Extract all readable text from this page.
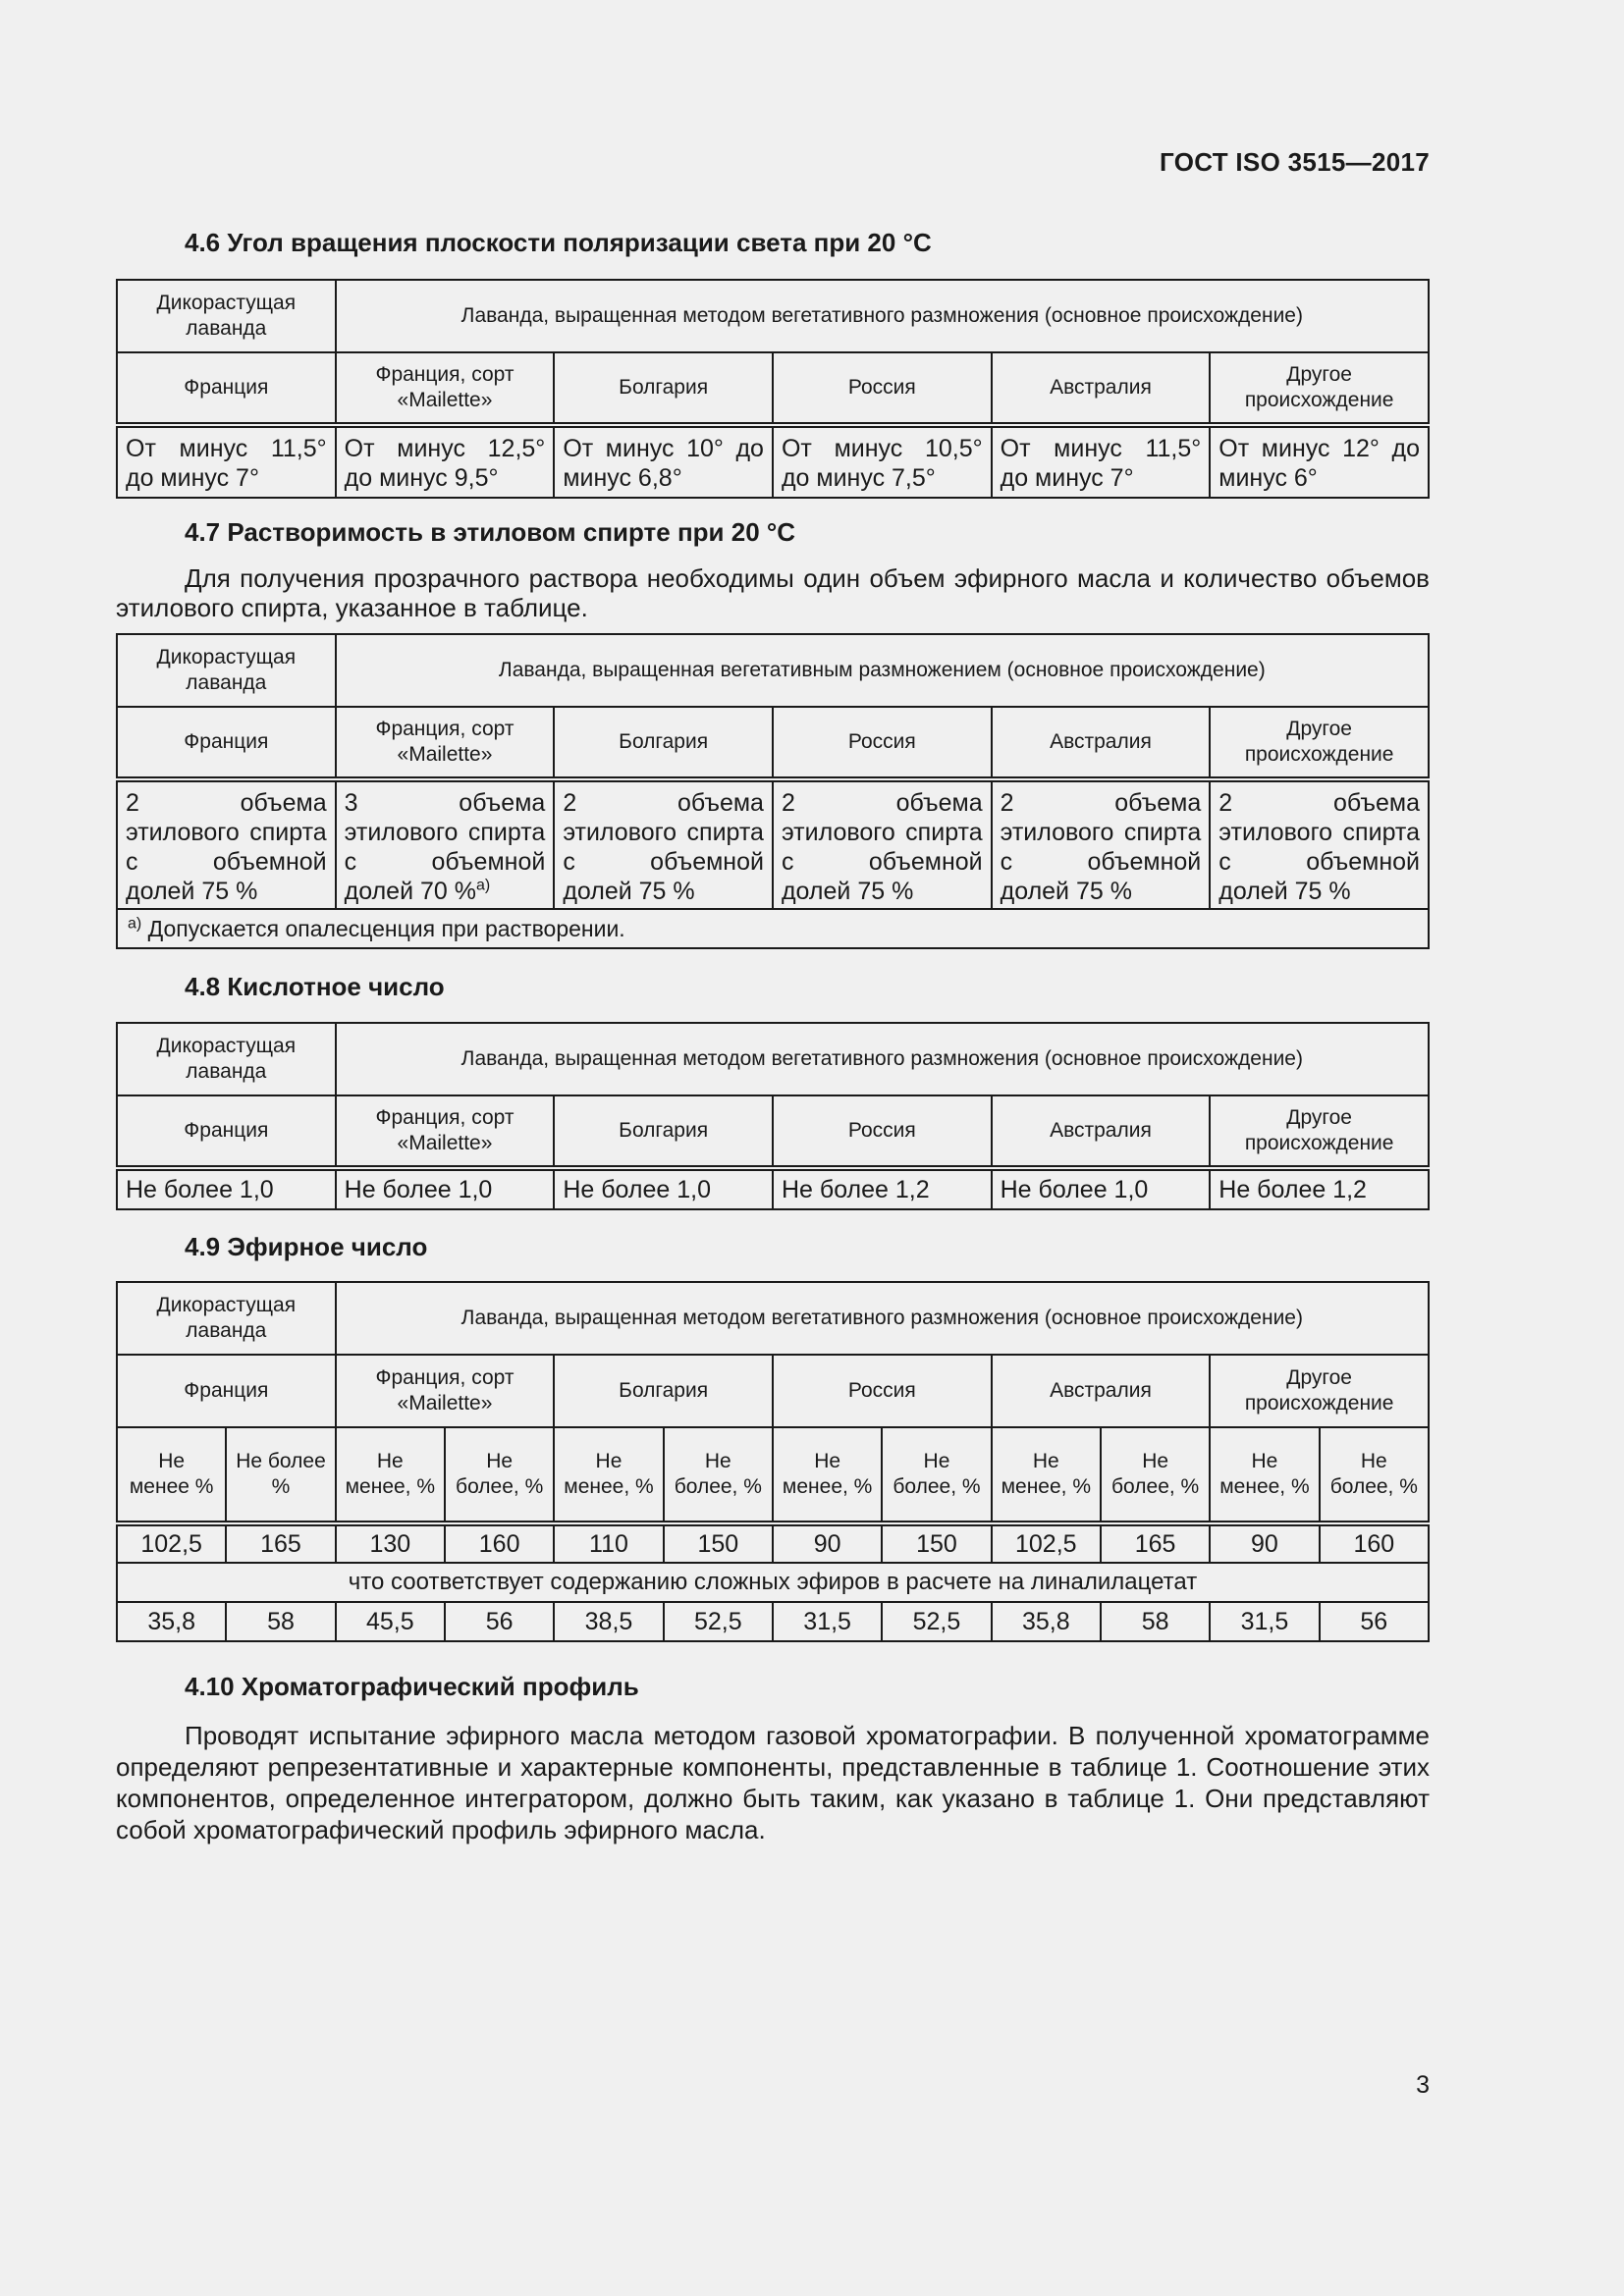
ГОСТ ISO 3515—2017
4.6 Угол вращения плоскости поляризации света при 20 °С
Дикорастущая лаванда	Лаванда, выращенная методом вегетативного размножения (основное происхождение)				
Франция	Франция, сорт «Mailette»	Болгария	Россия	Австралия	Другое происхождение
От минус 11,5° до минус 7°	От минус 12,5° до минус 9,5°	От минус 10° до минус 6,8°	От минус 10,5° до минус 7,5°	От минус 11,5° до минус 7°	От минус 12° до минус 6°
4.7 Растворимость в этиловом спирте при 20 °С

Для получения прозрачного раствора необходимы один объем эфирного масла и количество объемов этилового спирта, указанное в таблице.

Дикорастущая лаванда	Лаванда, выращенная вегетативным размножением (основное происхождение)				
Франция	Франция, сорт «Mailette»	Болгария	Россия	Австралия	Другое происхождение
2 объема этилового спирта с объемной долей 75 %	3 объема этилового спирта с объемной долей 70 %$^{а)}$	2 объема этилового спирта с объемной долей 75 %	2 объема этилового спирта с объемной долей 75 %	2 объема этилового спирта с объемной долей 75 %	2 объема этилового спирта с объемной долей 75 %
$^{а)}$ Допускается опалесценция при растворении.					
4.8 Кислотное число
Дикорастущая лаванда	Лаванда, выращенная методом вегетативного размножения (основное происхождение)				
Франция	Франция, сорт «Mailette»	Болгария	Россия	Австралия	Другое происхождение
Не более 1,0	Не более 1,0	Не более 1,0	Не более 1,2	Не более 1,0	Не более 1,2
4.9 Эфирное число
Дикорастущая лаванда		Лаванда, выращенная методом вегетативного размножения (основное происхождение)									
Франция		Франция, сорт «Mailette»		Болгария		Россия		Австралия		Другое происхождение	
Не менее %	Не более %	Не менее, %	Не более, %	Не менее, %	Не более, %	Не менее, %	Не более, %	Не менее, %	Не более, %	Не менее, %	Не более, %
102,5	165	130	160	110	150	90	150	102,5	165	90	160
что соответствует содержанию сложных эфиров в расчете на линалилацетат											
35,8	58	45,5	56	38,5	52,5	31,5	52,5	35,8	58	31,5	56
4.10 Хроматографический профиль

Проводят испытание эфирного масла методом газовой хроматографии. В полученной хроматограмме определяют репрезентативные и характерные компоненты, представленные в таблице 1. Соотношение этих компонентов, определенное интегратором, должно быть таким, как указано в таблице 1. Они представляют собой хроматографический профиль эфирного масла.

3
